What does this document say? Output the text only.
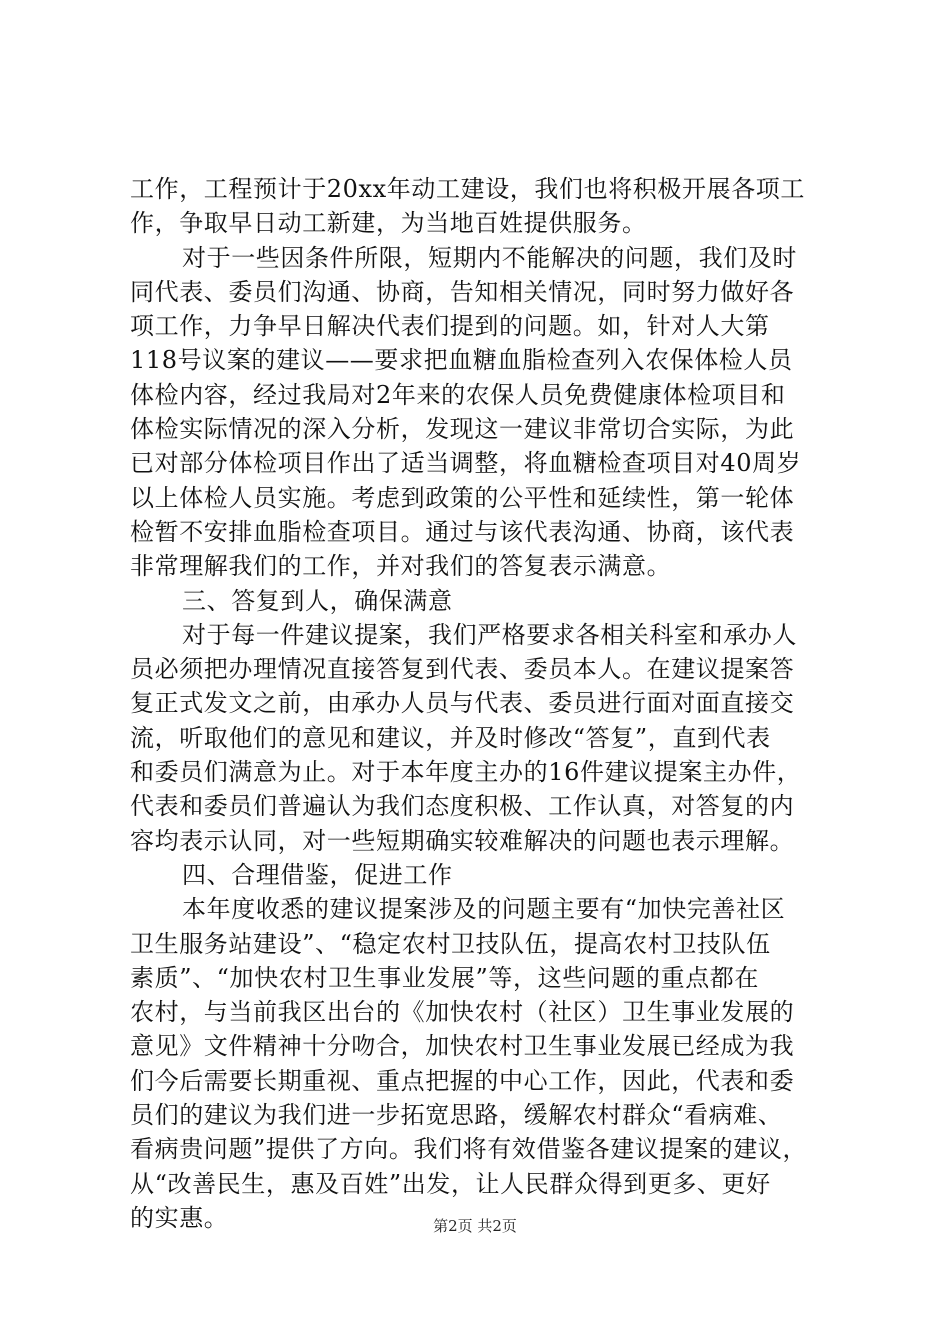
工作，工程预计于20xx年动工建设，我们也将积极开展各项工
作，争取早日动工新建，为当地百姓提供服务。
对于一些因条件所限，短期内不能解决的问题，我们及时
同代表、委员们沟通、协商，告知相关情况，同时努力做好各
项工作，力争早日解决代表们提到的问题。如，针对人大第
118号议案的建议——要求把血糖血脂检查列入农保体检人员
体检内容，经过我局对2年来的农保人员免费健康体检项目和
体检实际情况的深入分析，发现这一建议非常切合实际，为此
已对部分体检项目作出了适当调整，将血糖检查项目对40周岁
以上体检人员实施。考虑到政策的公平性和延续性，第一轮体
检暂不安排血脂检查项目。通过与该代表沟通、协商，该代表
非常理解我们的工作，并对我们的答复表示满意。
三、答复到人，确保满意
对于每一件建议提案，我们严格要求各相关科室和承办人
员必须把办理情况直接答复到代表、委员本人。在建议提案答
复正式发文之前，由承办人员与代表、委员进行面对面直接交
流，听取他们的意见和建议，并及时修改“答复”，直到代表
和委员们满意为止。对于本年度主办的16件建议提案主办件，
代表和委员们普遍认为我们态度积极、工作认真，对答复的内
容均表示认同，对一些短期确实较难解决的问题也表示理解。
四、合理借鉴，促进工作
本年度收悉的建议提案涉及的问题主要有“加快完善社区
卫生服务站建设”、“稳定农村卫技队伍，提高农村卫技队伍
素质”、“加快农村卫生事业发展”等，这些问题的重点都在
农村，与当前我区出台的《加快农村（社区）卫生事业发展的
意见》文件精神十分吻合，加快农村卫生事业发展已经成为我
们今后需要长期重视、重点把握的中心工作，因此，代表和委
员们的建议为我们进一步拓宽思路，缓解农村群众“看病难、
看病贵问题”提供了方向。我们将有效借鉴各建议提案的建议，
从“改善民生，惠及百姓”出发，让人民群众得到更多、更好
的实惠。	第2页 共2页
